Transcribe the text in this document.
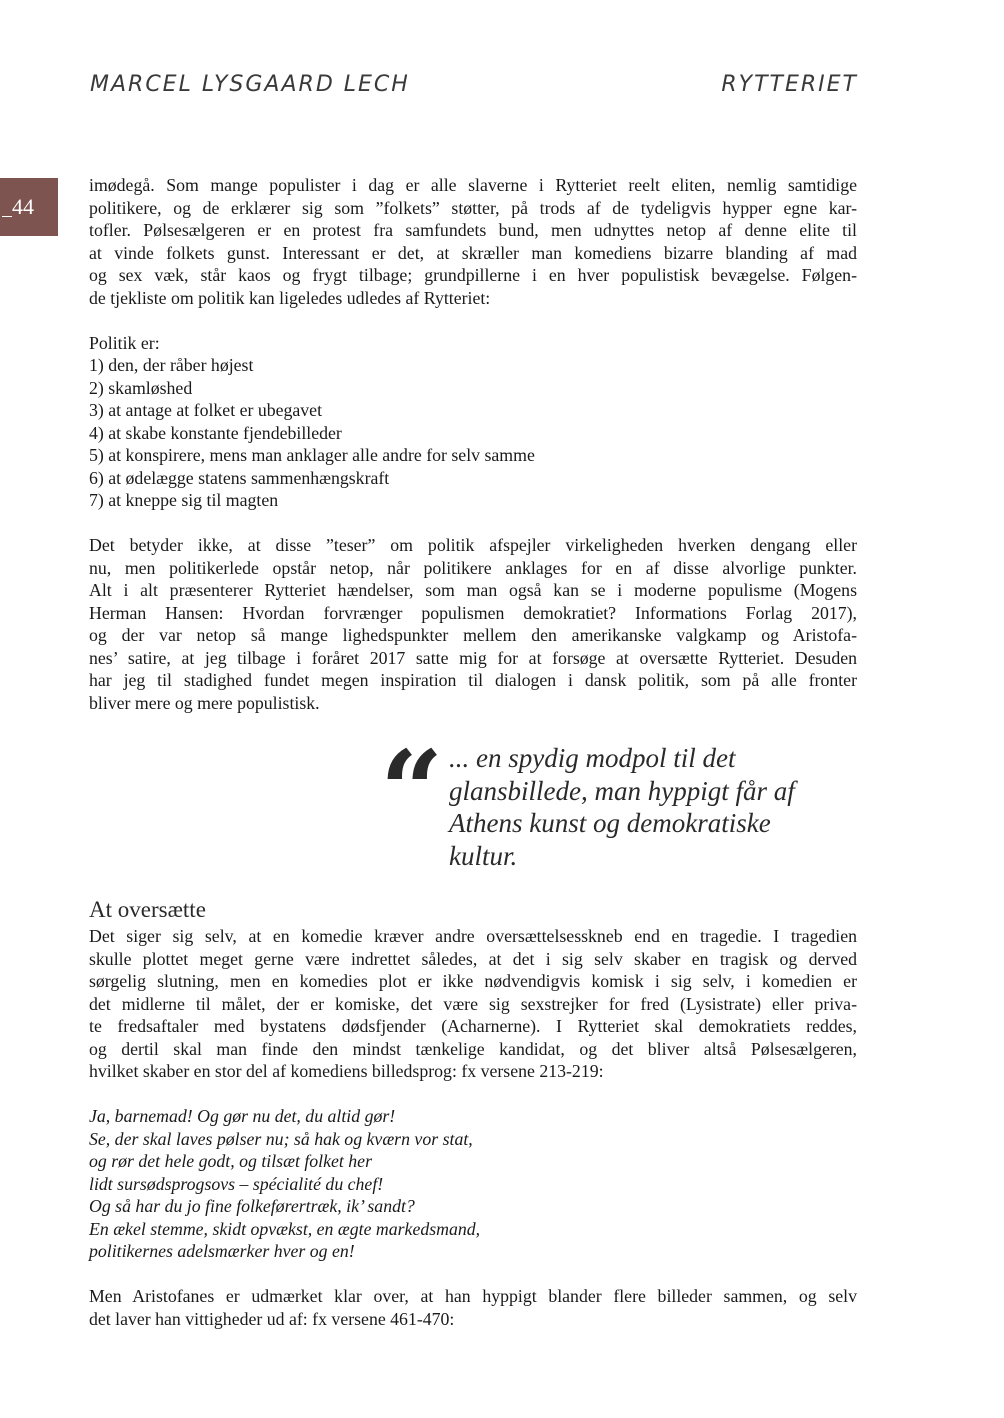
MARCEL LYSGAARD LECH	RYTTERIET
44

imødegå. Som mange populister i dag er alle slaverne i Rytteriet reelt eliten, nemlig samtidige
politikere, og de erklærer sig som ”folkets” støtter, på trods af de tydeligvis hypper egne kar-
tofler. Pølsesælgeren er en protest fra samfundets bund, men udnyttes netop af denne elite til
at vinde folkets gunst. Interessant er det, at skræller man komediens bizarre blanding af mad
og sex væk, står kaos og frygt tilbage; grundpillerne i en hver populistisk bevægelse. Følgen-
de tjekliste om politik kan ligeledes udledes af Rytteriet:

Politik er:
1) den, der råber højest
2) skamløshed
3) at antage at folket er ubegavet
4) at skabe konstante fjendebilleder
5) at konspirere, mens man anklager alle andre for selv samme
6) at ødelægge statens sammenhængskraft
7) at kneppe sig til magten

Det betyder ikke, at disse ”teser” om politik afspejler virkeligheden hverken dengang eller
nu, men politikerlede opstår netop, når politikere anklages for en af disse alvorlige punkter.
Alt i alt præsenterer Rytteriet hændelser, som man også kan se i moderne populisme (Mogens
Herman Hansen: Hvordan forvrænger populismen demokratiet? Informations Forlag 2017),
og der var netop så mange lighedspunkter mellem den amerikanske valgkamp og Aristofa-
nes’ satire, at jeg tilbage i foråret 2017 satte mig for at forsøge at oversætte Rytteriet. Desuden
har jeg til stadighed fundet megen inspiration til dialogen i dansk politik, som på alle fronter
bliver mere og mere populistisk.

“ ... en spydig modpol til det
glansbillede, man hyppigt får af
Athens kunst og demokratiske
kultur.
At oversætte

Det siger sig selv, at en komedie kræver andre oversættelsesskneb end en tragedie. I tragedien
skulle plottet meget gerne være indrettet således, at det i sig selv skaber en tragisk og derved
sørgelig slutning, men en komedies plot er ikke nødvendigvis komisk i sig selv, i komedien er
det midlerne til målet, der er komiske, det være sig sexstrejker for fred (Lysistrate) eller priva-
te fredsaftaler med bystatens dødsfjender (Acharnerne). I Rytteriet skal demokratiets reddes,
og dertil skal man finde den mindst tænkelige kandidat, og det bliver altså Pølsesælgeren,
hvilket skaber en stor del af komediens billedsprog: fx versene 213-219:

Ja, barnemad! Og gør nu det, du altid gør!
Se, der skal laves pølser nu; så hak og kværn vor stat,
og rør det hele godt, og tilsæt folket her
lidt sursødsprogsovs – spécialité du chef!
Og så har du jo fine folkeførertræk, ik’ sandt?
En ækel stemme, skidt opvækst, en ægte markedsmand,
politikernes adelsmærker hver og en!

Men Aristofanes er udmærket klar over, at han hyppigt blander flere billeder sammen, og selv
det laver han vittigheder ud af: fx versene 461-470:
